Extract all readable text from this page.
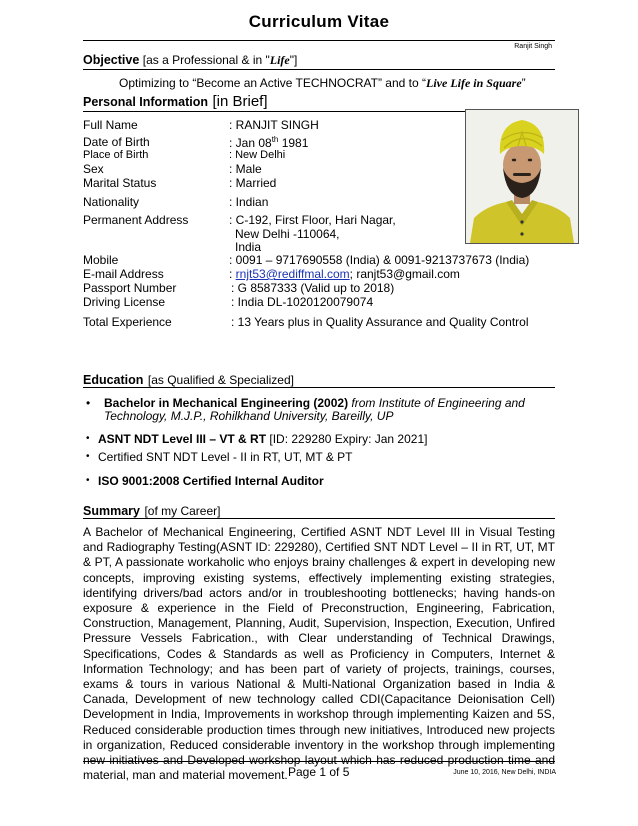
Curriculum Vitae
Ranjit Singh
Objective [as a Professional & in "Life"]
Optimizing to “Become an Active TECHNOCRAT” and to “Live Life in Square”
Personal Information [in Brief]
Full Name	: RANJIT SINGH
Date of Birth	: Jan 08th 1981
Place of Birth	: New Delhi
Sex	: Male
Marital Status	: Married
Nationality	: Indian
Permanent Address	: C-192, First Floor, Hari Nagar,
New Delhi -110064,
India
Mobile	: 0091 – 9717690558 (India) & 0091-9213737673 (India)
E-mail Address	: rnjt53@rediffmal.com; ranjt53@gmail.com
Passport Number	: G 8587333 (Valid up to 2018)
Driving License	: India DL-1020120079074
Total Experience	: 13 Years plus in Quality Assurance and Quality Control
Education [as Qualified & Specialized]
• Bachelor in Mechanical Engineering (2002) from Institute of Engineering and
Technology, M.J.P., Rohilkhand University, Bareilly, UP
• ASNT NDT Level III – VT & RT [ID: 229280 Expiry: Jan 2021]
• Certified SNT NDT Level - II in RT, UT, MT & PT
• ISO 9001:2008 Certified Internal Auditor
Summary [of my Career]
A Bachelor of Mechanical Engineering, Certified ASNT NDT Level III in Visual Testing and Radiography Testing(ASNT ID: 229280), Certified SNT NDT Level – II in RT, UT, MT & PT, A passionate workaholic who enjoys brainy challenges & expert in developing new concepts, improving existing systems, effectively implementing existing strategies, identifying drivers/bad actors and/or in troubleshooting bottlenecks; having hands-on exposure & experience in the Field of Preconstruction, Engineering, Fabrication, Construction, Management, Planning, Audit, Supervision, Inspection, Execution, Unfired Pressure Vessels Fabrication., with Clear understanding of Technical Drawings, Specifications, Codes & Standards as well as Proficiency in Computers, Internet & Information Technology; and has been part of variety of projects, trainings, courses, exams & tours in various National & Multi-National Organization based in India & Canada, Development of new technology called CDI(Capacitance Deionisation Cell) Development in India, Improvements in workshop through implementing Kaizen and 5S, Reduced considerable production times through new initiatives, Introduced new projects in organization, Reduced considerable inventory in the workshop through implementing new initiatives and Developed workshop layout which has reduced production time and material, man and material movement. Page 1 of 5	June 10, 2016, New Delhi, INDIA
